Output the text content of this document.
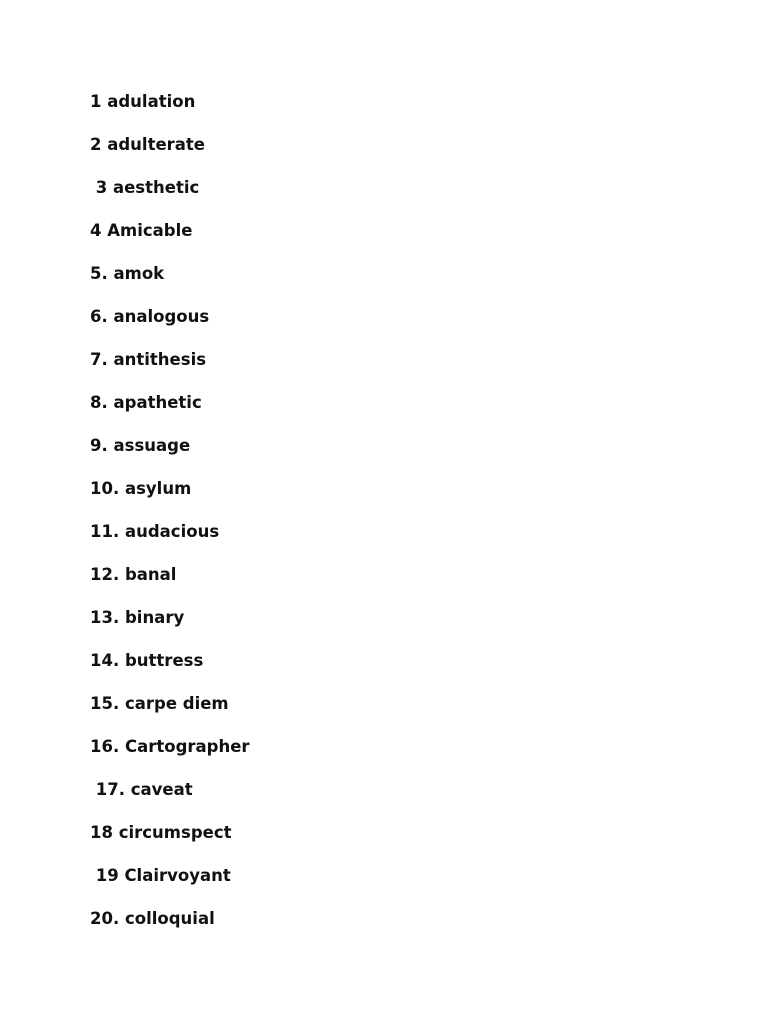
1 adulation
2 adulterate
3 aesthetic
4 Amicable
5. amok
6. analogous
7. antithesis
8. apathetic
9. assuage
10. asylum
11. audacious
12. banal
13. binary
14. buttress
15. carpe diem
16. Cartographer
17. caveat
18 circumspect
19 Clairvoyant
20. colloquial
